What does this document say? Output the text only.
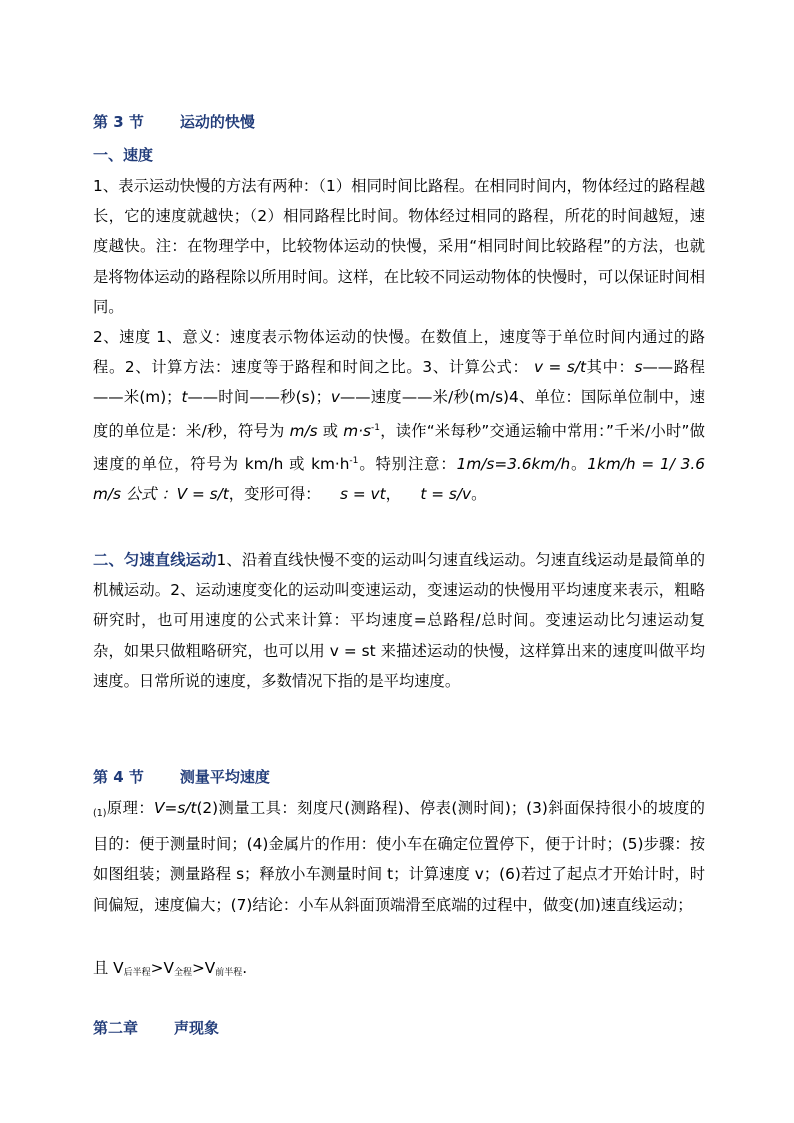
第 3 节 运动的快慢
一、速度
1、表示运动快慢的方法有两种：（1）相同时间比路程。在相同时间内，物体经过的路程越长，它的速度就越快；（2）相同路程比时间。物体经过相同的路程，所花的时间越短，速度越快。注：在物理学中，比较物体运动的快慢，采用“相同时间比较路程”的方法，也就是将物体运动的路程除以所用时间。这样，在比较不同运动物体的快慢时，可以保证时间相同。
2、速度 1、意义：速度表示物体运动的快慢。在数值上，速度等于单位时间内通过的路程。2、计算方法：速度等于路程和时间之比。3、计算公式： v = s/t其中：s——路程——米(m)；t——时间——秒(s)；v——速度——米/秒(m/s)4、单位：国际单位制中，速度的单位是：米/秒，符号为 m/s 或 $m\cdot s^{-1}$，读作“米每秒”交通运输中常用：”千米/小时”做速度的单位，符号为 km/h 或 $km\cdot h^{-1}$。特别注意：1m/s=3.6km/h。1km/h = 1/ 3.6 m/s 公式 ：V = s/t，变形可得： s = vt， t = s/v。
二、匀速直线运动1、沿着直线快慢不变的运动叫匀速直线运动。匀速直线运动是最简单的机械运动。2、运动速度变化的运动叫变速运动，变速运动的快慢用平均速度来表示，粗略研究时，也可用速度的公式来计算：平均速度=总路程/总时间。变速运动比匀速运动复杂，如果只做粗略研究，也可以用 v = st 来描述运动的快慢，这样算出来的速度叫做平均速度。日常所说的速度，多数情况下指的是平均速度。
第 4 节 测量平均速度
(1)原理：V=s/t(2)测量工具：刻度尺(测路程)、停表(测时间)；(3)斜面保持很小的坡度的目的：便于测量时间；(4)金属片的作用：使小车在确定位置停下，便于计时；(5)步骤：按如图组装；测量路程 s；释放小车测量时间 t；计算速度 v；(6)若过了起点才开始计时，时间偏短，速度偏大；(7)结论：小车从斜面顶端滑至底端的过程中，做变(加)速直线运动；
且 $V_{后半程}>V_{全程}>V_{前半程}$.
第二章 声现象
